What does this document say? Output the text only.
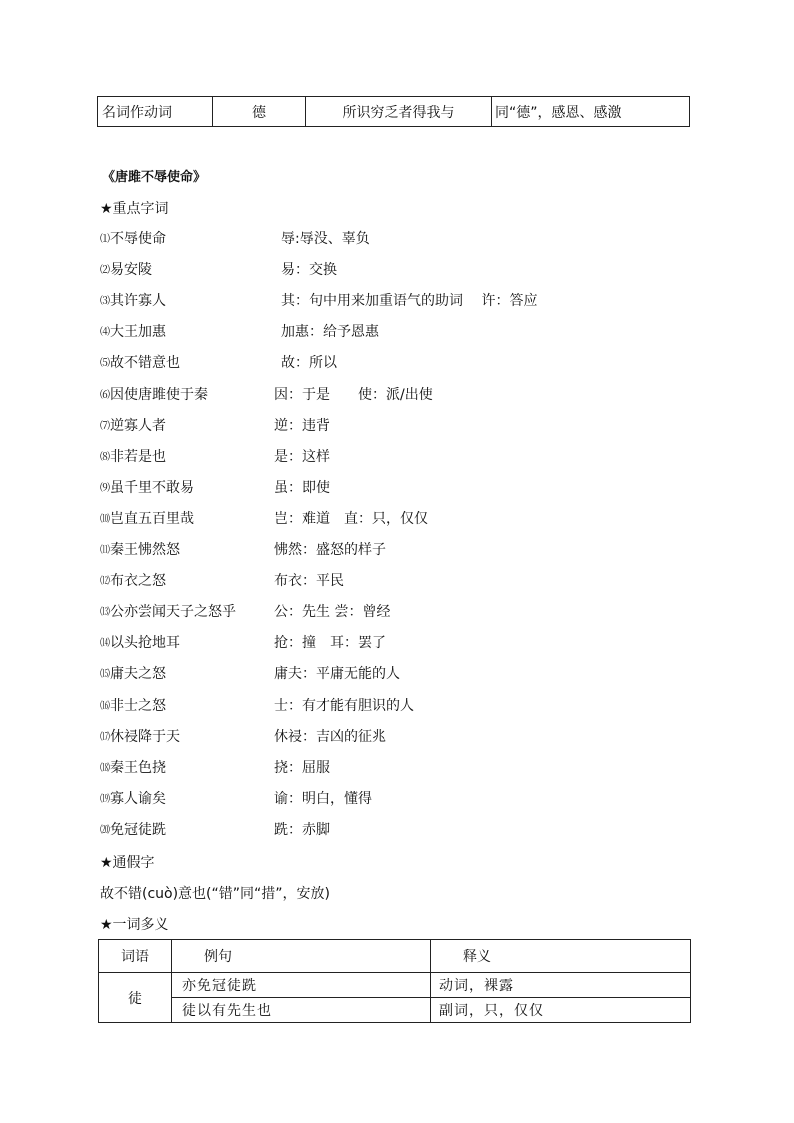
名词作动词	德	所识穷乏者得我与	同“德”，感恩、感激
《唐雎不辱使命》
★重点字词
⑴不辱使命	辱:辱没、辜负
⑵易安陵	易：交换
⑶其许寡人	其：句中用来加重语气的助词　 许：答应
⑷大王加惠	加惠：给予恩惠
⑸故不错意也	故：所以
⑹因使唐雎使于秦	因：于是　　使：派/出使
⑺逆寡人者	逆：违背
⑻非若是也	是：这样
⑼虽千里不敢易	虽：即使
⑽岂直五百里哉	岂：难道　直：只，仅仅
⑾秦王怫然怒	怫然：盛怒的样子
⑿布衣之怒	布衣：平民
⒀公亦尝闻天子之怒乎	公：先生 尝：曾经
⒁以头抢地耳	抢：撞　耳：罢了
⒂庸夫之怒	庸夫：平庸无能的人
⒃非士之怒	士：有才能有胆识的人
⒄休祲降于天	休祲：吉凶的征兆
⒅秦王色挠	挠：屈服
⒆寡人谕矣	谕：明白，懂得
⒇免冠徒跣	跣：赤脚
★通假字
故不错(cuò)意也(“错”同“措”，安放)
★一词多义
词语	例句	释义
徒	亦免冠徒跣	动词，裸露
	徒以有先生也	副词，只，仅仅
